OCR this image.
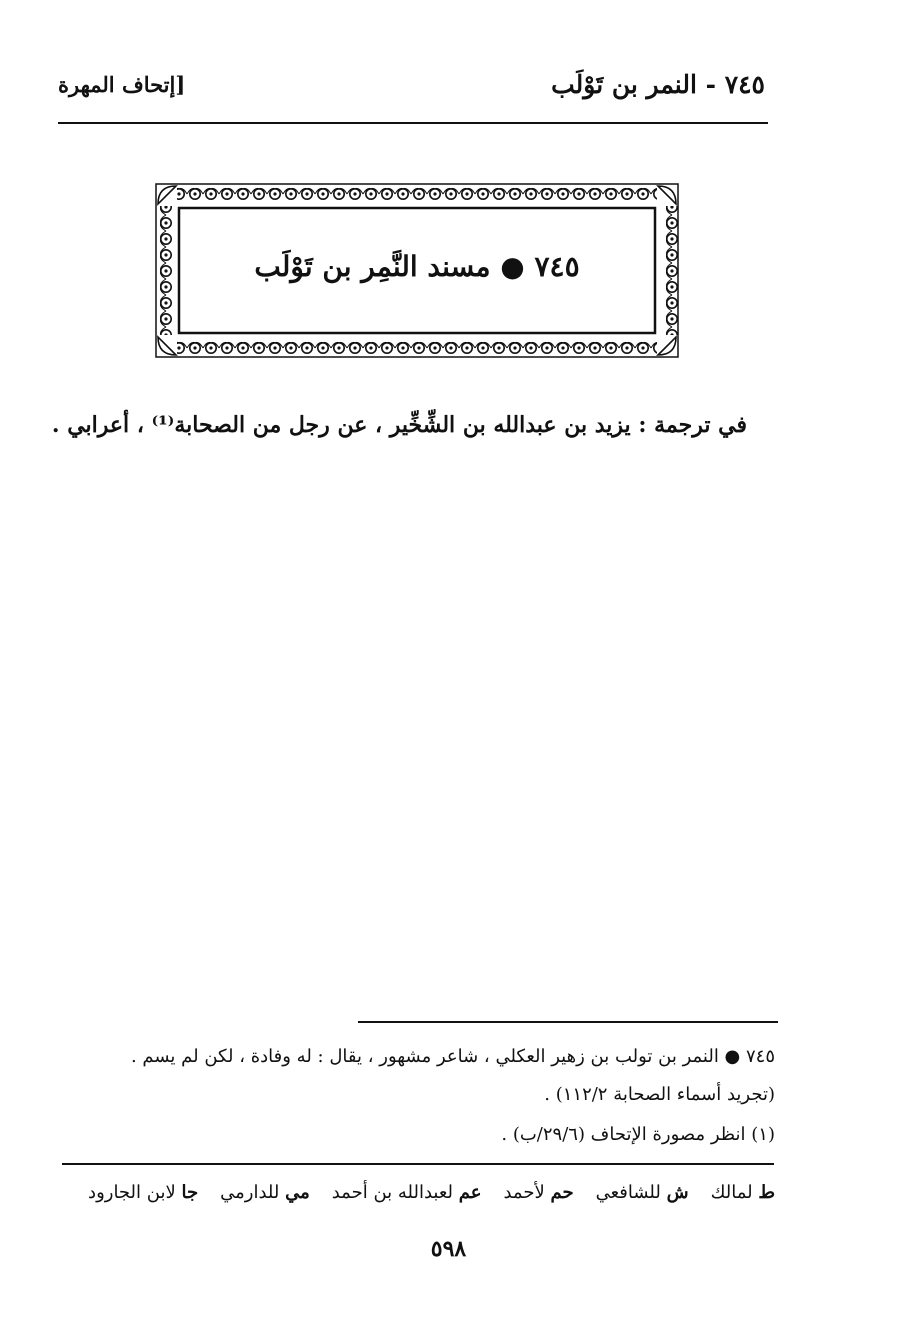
٧٤٥ - النمر بن تَوْلَب
[إتحاف المهرة
٧٤٥ ● مسند النَّمِر بن تَوْلَب
في ترجمة : يزيد بن عبدالله بن الشِّخِّير ، عن رجل من الصحابة⁽¹⁾ ، أعرابي .
٧٤٥ ● النمر بن تولب بن زهير العكلي ، شاعر مشهور ، يقال : له وفادة ، لكن لم يسم .
(تجريد أسماء الصحابة ١١٢/٢) .
(١) انظر مصورة الإتحاف (٢٩/٦/ب) .
ط لمالك
ش للشافعي
حم لأحمد
عم لعبدالله بن أحمد
مي للدارمي
جا لابن الجارود
٥٩٨
